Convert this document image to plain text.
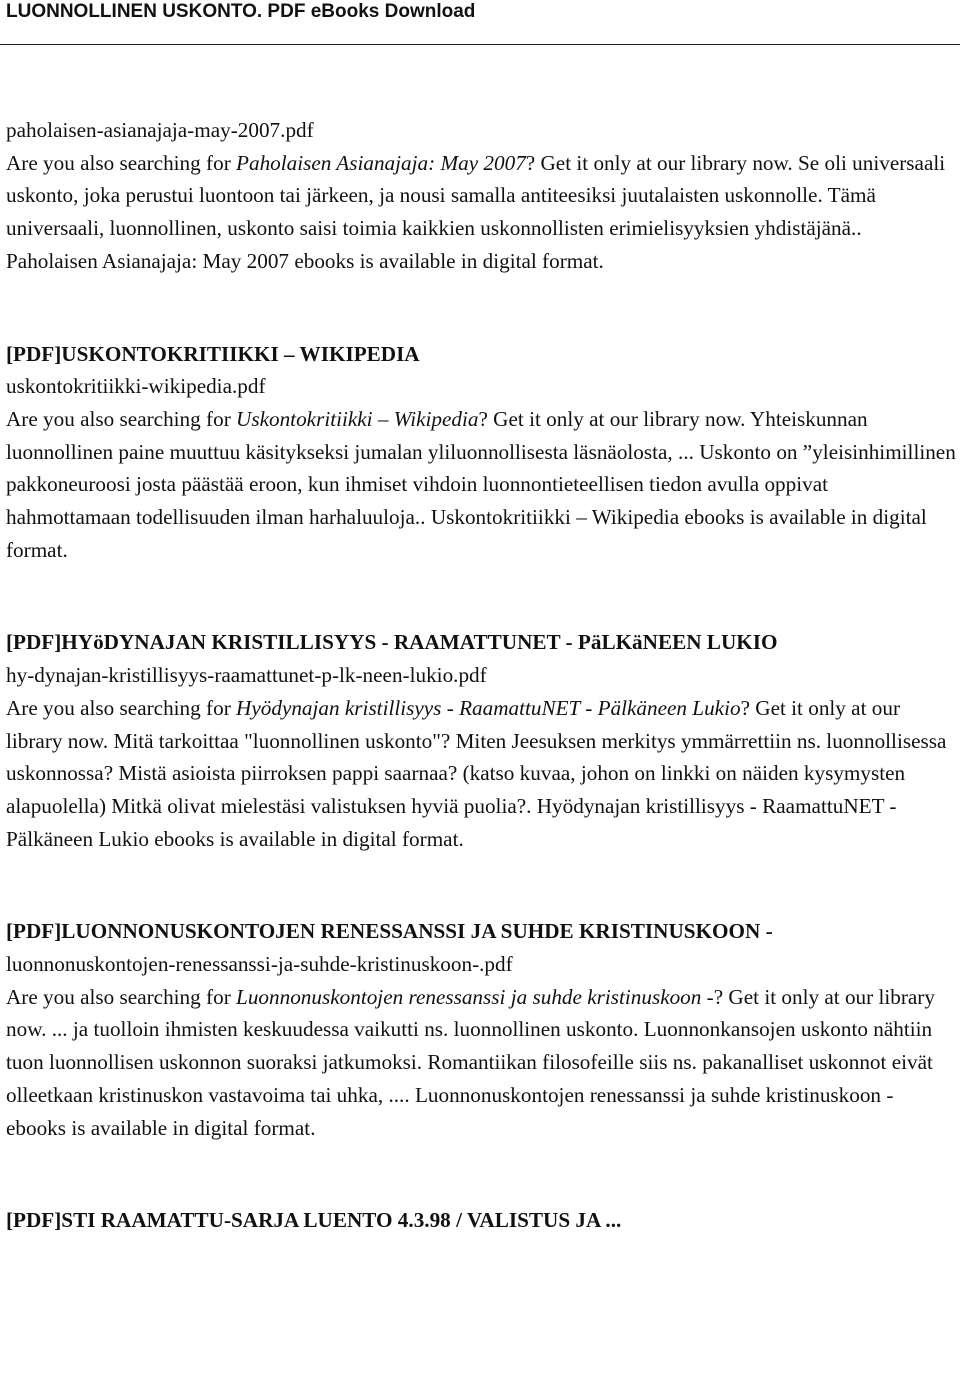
LUONNOLLINEN USKONTO. PDF eBooks Download
paholaisen-asianajaja-may-2007.pdf
Are you also searching for Paholaisen Asianajaja: May 2007? Get it only at our library now. Se oli universaali uskonto, joka perustui luontoon tai järkeen, ja nousi samalla antiteesiksi juutalaisten uskonnolle. Tämä universaali, luonnollinen, uskonto saisi toimia kaikkien uskonnollisten erimielisyyksien yhdistäjänä.. Paholaisen Asianajaja: May 2007 ebooks is available in digital format.
[PDF]USKONTOKRITIIKKI – WIKIPEDIA
uskontokritiikki-wikipedia.pdf
Are you also searching for Uskontokritiikki – Wikipedia? Get it only at our library now. Yhteiskunnan luonnollinen paine muuttuu käsitykseksi jumalan yliluonnollisesta läsnäolosta, ... Uskonto on ”yleisinhimillinen pakkoneuroosi josta päästää eroon, kun ihmiset vihdoin luonnontieteellisen tiedon avulla oppivat hahmottamaan todellisuuden ilman harhaluuloja.. Uskontokritiikki – Wikipedia ebooks is available in digital format.
[PDF]HYöDYNAJAN KRISTILLISYYS - RAAMATTUNET - PäLKäNEEN LUKIO
hy-dynajan-kristillisyys-raamattunet-p-lk-neen-lukio.pdf
Are you also searching for Hyödynajan kristillisyys - RaamattuNET - Pälkäneen Lukio? Get it only at our library now. Mitä tarkoittaa "luonnollinen uskonto"? Miten Jeesuksen merkitys ymmärrettiin ns. luonnollisessa uskonnossa? Mistä asioista piirroksen pappi saarnaa? (katso kuvaa, johon on linkki on näiden kysymysten alapuolella) Mitkä olivat mielestäsi valistuksen hyviä puolia?. Hyödynajan kristillisyys - RaamattuNET - Pälkäneen Lukio ebooks is available in digital format.
[PDF]LUONNONUSKONTOJEN RENESSANSSI JA SUHDE KRISTINUSKOON -
luonnonuskontojen-renessanssi-ja-suhde-kristinuskoon-.pdf
Are you also searching for Luonnonuskontojen renessanssi ja suhde kristinuskoon -? Get it only at our library now. ... ja tuolloin ihmisten keskuudessa vaikutti ns. luonnollinen uskonto. Luonnonkansojen uskonto nähtiin tuon luonnollisen uskonnon suoraksi jatkumoksi. Romantiikan filosofeille siis ns. pakanalliset uskonnot eivät olleetkaan kristinuskon vastavoima tai uhka, .... Luonnonuskontojen renessanssi ja suhde kristinuskoon - ebooks is available in digital format.
[PDF]STI RAAMATTU-SARJA LUENTO 4.3.98 / VALISTUS JA ...
